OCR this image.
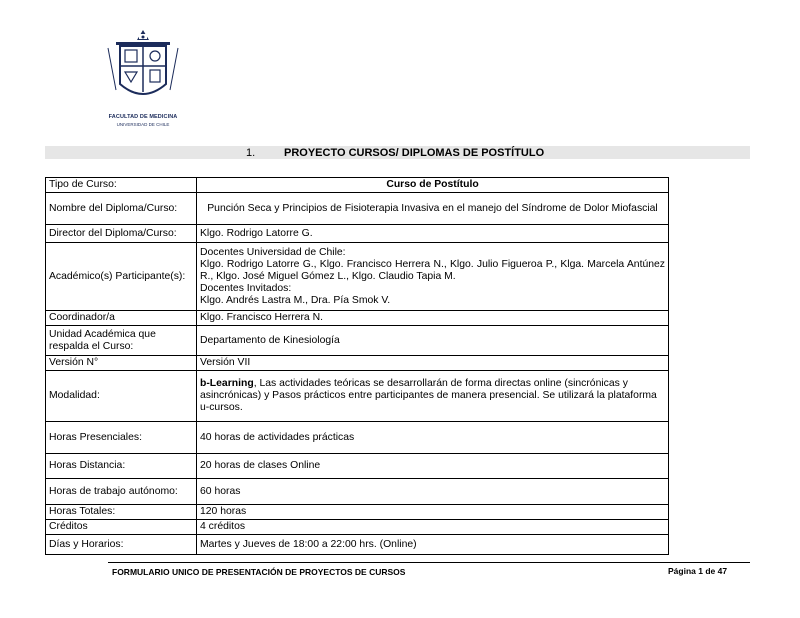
FACULTAD DE MEDICINA
UNIVERSIDAD DE CHILE
1.	PROYECTO CURSOS/ DIPLOMAS DE POSTÍTULO
Tipo de Curso:	Curso de Postítulo
Nombre del Diploma/Curso:	Punción Seca y Principios de Fisioterapia Invasiva en el manejo del Síndrome de Dolor Miofascial
Director del Diploma/Curso:	Klgo. Rodrigo Latorre G.
Académico(s) Participante(s):	Docentes Universidad de Chile:
Klgo. Rodrigo Latorre G., Klgo. Francisco Herrera N., Klgo. Julio Figueroa P., Klga. Marcela Antúnez R., Klgo. José Miguel Gómez L., Klgo. Claudio Tapia M.
Docentes Invitados:
Klgo. Andrés Lastra M., Dra. Pía Smok V.

Coordinador/a	Klgo. Francisco Herrera N.
Unidad Académica que respalda el Curso:	Departamento de Kinesiología
Versión N°	Versión VII
Modalidad:	b-Learning, Las actividades teóricas se desarrollarán de forma directas online (sincrónicas y asincrónicas) y Pasos prácticos entre participantes de manera presencial. Se utilizará la plataforma u-cursos.
Horas Presenciales:	40 horas de actividades prácticas
Horas Distancia:	20 horas de clases Online
Horas de trabajo autónomo:	60 horas
Horas Totales:	120 horas
Créditos	4 créditos
Días y Horarios:	Martes y Jueves de 18:00 a 22:00 hrs. (Online)
FORMULARIO UNICO DE PRESENTACIÓN DE PROYECTOS DE CURSOS	Página 1 de 47
